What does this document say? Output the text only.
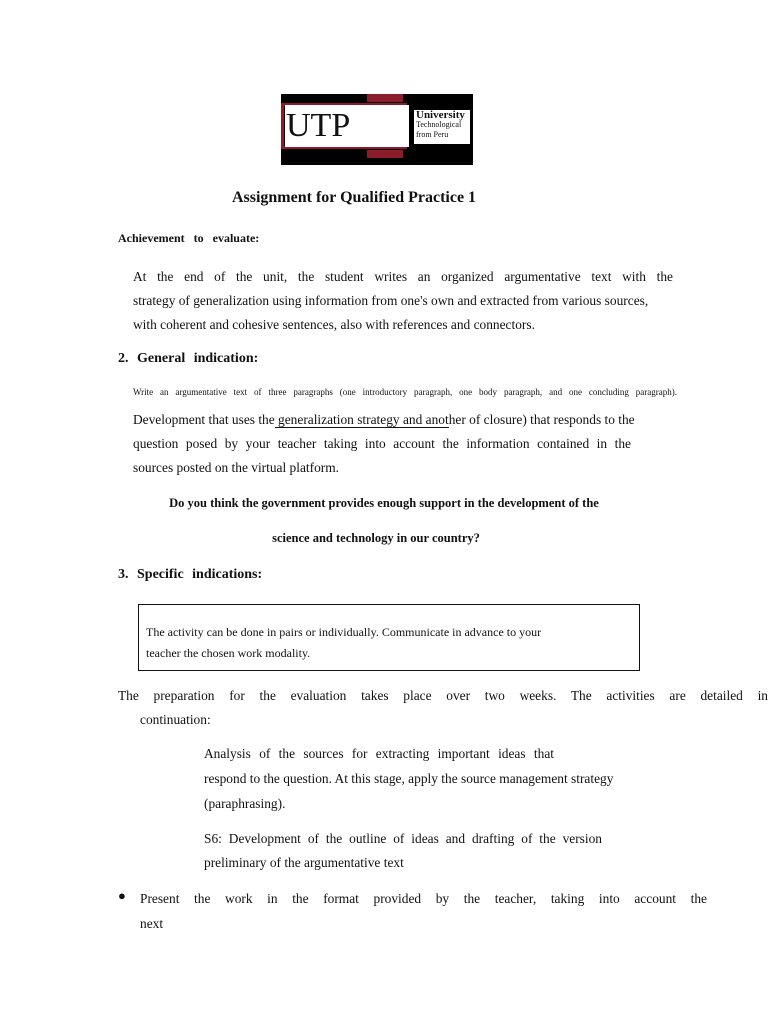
UTP	University
Technological
from Peru
Assignment for Qualified Practice 1
Achievement to evaluate:
At the end of the unit, the student writes an organized argumentative text with the
strategy of generalization using information from one's own and extracted from various sources,
with coherent and cohesive sentences, also with references and connectors.
2. General indication:
Write an argumentative text of three paragraphs (one introductory paragraph, one body paragraph, and one concluding paragraph).
Development that uses the generalization strategy and another of closure) that responds to the
question posed by your teacher taking into account the information contained in the
sources posted on the virtual platform.
Do you think the government provides enough support in the development of the
science and technology in our country?
3. Specific indications:
The activity can be done in pairs or individually. Communicate in advance to your
teacher the chosen work modality.
The preparation for the evaluation takes place over two weeks. The activities are detailed in
continuation:
Analysis of the sources for extracting important ideas that
respond to the question. At this stage, apply the source management strategy
(paraphrasing).
S6: Development of the outline of ideas and drafting of the version
preliminary of the argumentative text
● Present the work in the format provided by the teacher, taking into account the
next
